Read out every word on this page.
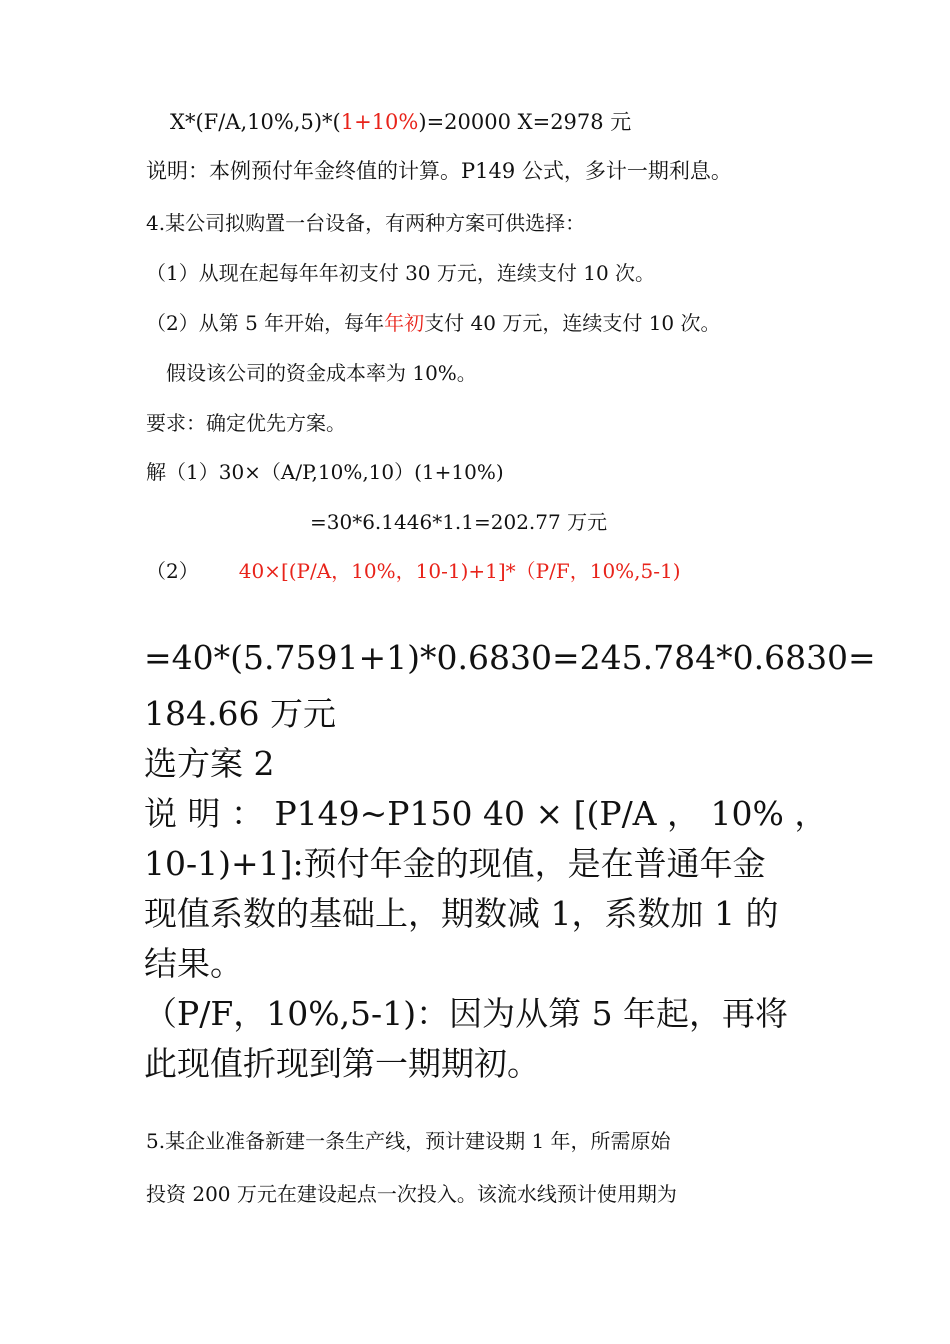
X*(F/A,10%,5)*(1+10%)=20000 X=2978 元
说明：本例预付年金终值的计算。P149 公式，多计一期利息。
4.某公司拟购置一台设备，有两种方案可供选择：
（1）从现在起每年年初支付 30 万元，连续支付 10 次。
（2）从第 5 年开始，每年年初支付 40 万元，连续支付 10 次。
假设该公司的资金成本率为 10%。
要求：确定优先方案。
解（1）30×（A/P,10%,10）(1+10%)
=30*6.1446*1.1=202.77 万元
（2） 40×[(P/A，10%，10-1)+1]*（P/F，10%,5-1)
=40*(5.7591+1)*0.6830=245.784*0.6830=
184.66 万元
选方案 2
说 明 ： P149~P150 40 × [(P/A ， 10% ，
10-1)+1]:预付年金的现值，是在普通年金
现值系数的基础上，期数减 1，系数加 1 的
结果。
（P/F，10%,5-1)：因为从第 5 年起，再将
此现值折现到第一期期初。
5.某企业准备新建一条生产线，预计建设期 1 年，所需原始
投资 200 万元在建设起点一次投入。该流水线预计使用期为
